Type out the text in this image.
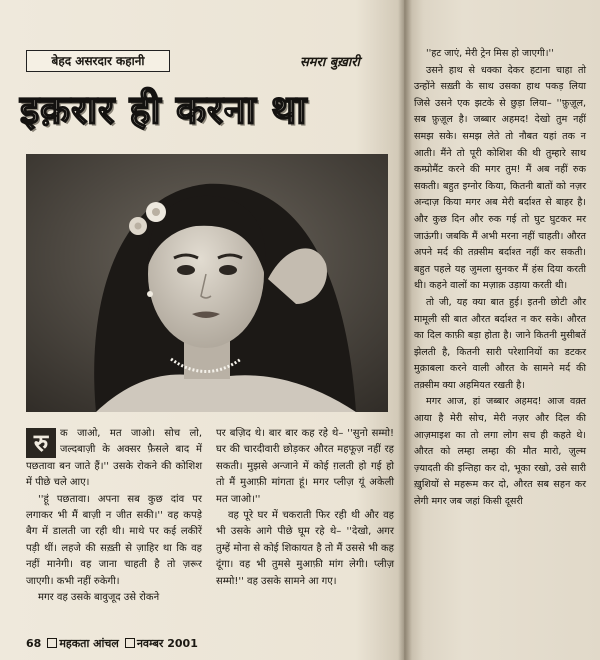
बेहद असरदार कहानी	समरा बुख़ारी
इक़रार ही करना था

रु	क जाओ, मत जाओ। सोच लो, जल्दबाज़ी के अक्सर फ़ैसले बाद में पछतावा बन जाते हैं।'' उसके रोकने की कोशिश में पीछे चले आए।

''हूं पछतावा। अपना सब कुछ दांव पर लगाकर भी मैं बाज़ी न जीत सकी।'' वह कपड़े बैग में डालती जा रही थी। माथे पर कई लकीरें पड़ी थीं। लहजे की सख़्ती से ज़ाहिर था कि वह नहीं मानेगी। वह जाना चाहती है तो ज़रूर जाएगी। कभी नहीं रुकेगी।

मगर वह उसके बावुजूद उसे रोकने

पर बज़िद थे। बार बार कह रहे थे– ''सुनो सम्मो! घर की चारदीवारी छोड़कर औरत महफूज़ नहीं रह सकती। मुझसे अन्जाने में कोई ग़लती हो गई हो तो मैं मुआफ़ी मांगता हूं। मगर प्लीज़ यूं अकेली मत जाओ।''

वह पूरे घर में चकराती फिर रही थी और वह भी उसके आगे पीछे घूम रहे थे– ''देखो, अगर तुम्हें मोना से कोई शिकायत है तो मैं उससे भी कह दूंगा। वह भी तुमसे मुआफ़ी मांग लेगी। प्लीज़ सम्मो!'' वह उसके सामने आ गए।

68 महकता आंचल नवम्बर 2001

''हट जाएं, मेरी ट्रेन मिस हो जाएगी।''

उसने हाथ से धक्का देकर हटाना चाहा तो उन्होंने सख़्ती के साथ उसका हाथ पकड़ लिया जिसे उसने एक झटके से छुड़ा लिया– ''फ़ुज़ूल, सब फ़ुज़ूल है। जब्बार अहमद! देखो तुम नहीं समझ सके। समझ लेते तो नौबत यहां तक न आती। मैंने तो पूरी कोशिश की थी तुम्हारे साथ कम्प्रोमैंट करने की मगर तुम! मैं अब नहीं रुक सकती। बहुत इग्नोर किया, कितनी बातों को नज़र अन्दाज़ किया मगर अब मेरी बर्दाश्त से बाहर है। और कुछ दिन और रुक गई तो घुट घुटकर मर जाऊंगी। जबकि मैं अभी मरना नहीं चाहती। औरत अपने मर्द की तक़्सीम बर्दाश्त नहीं कर सकती। बहुत पहले यह जुमला सुनकर मैं हंस दिया करती थी। कहने वालों का मज़ाक़ उड़ाया करती थी।

तो जी, यह क्या बात हुई। इतनी छोटी और मामूली सी बात औरत बर्दाश्त न कर सके। औरत का दिल काफ़ी बड़ा होता है। जाने कितनी मुसीबतें झेलती है, कितनी सारी परेशानियों का डटकर मुक़ाबला करने वाली औरत के सामने मर्द की तक़्सीम क्या अहमियत रखती है।

मगर आज, हां जब्बार अहमद! आज वक़्त आया है मेरी सोच, मेरी नज़र और दिल की आज़माइश का तो लगा लोग सच ही कहते थे। औरत को लम्हा लम्हा की मौत मारो, ज़ुल्म ज़्यादती की इन्तिहा कर दो, भूका रखो, उसे सारी ख़ुशियों से महरूम कर दो, औरत सब सहन कर लेगी मगर जब जहां किसी दूसरी
